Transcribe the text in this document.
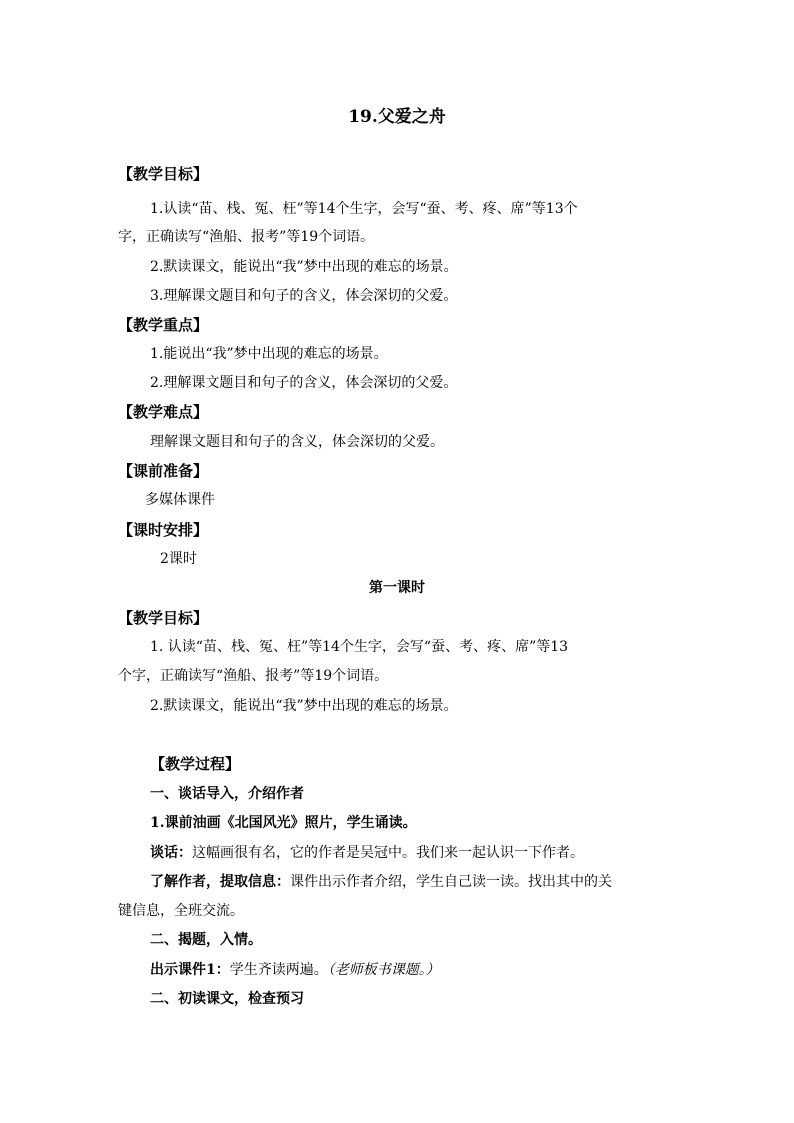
19.父爱之舟
【教学目标】
1.认读“苗、栈、冤、枉”等14个生字，会写“蚕、考、疼、席”等13个
字，正确读写“渔船、报考”等19个词语。
2.默读课文，能说出“我”梦中出现的难忘的场景。
3.理解课文题目和句子的含义，体会深切的父爱。
【教学重点】
1.能说出“我”梦中出现的难忘的场景。
2.理解课文题目和句子的含义，体会深切的父爱。
【教学难点】
理解课文题目和句子的含义，体会深切的父爱。
【课前准备】
多媒体课件
【课时安排】
2课时
第一课时
【教学目标】
1. 认读“苗、栈、冤、枉”等14个生字，会写“蚕、考、疼、席”等13
个字，正确读写“渔船、报考”等19个词语。
2.默读课文，能说出“我”梦中出现的难忘的场景。
【教学过程】
一、谈话导入，介绍作者
1.课前油画《北国风光》照片，学生诵读。
谈话：这幅画很有名，它的作者是吴冠中。我们来一起认识一下作者。
了解作者，提取信息：课件出示作者介绍，学生自己读一读。找出其中的关
键信息，全班交流。
二、揭题，入情。
出示课件1：学生齐读两遍。（老师板书课题。）
二、初读课文，检查预习
